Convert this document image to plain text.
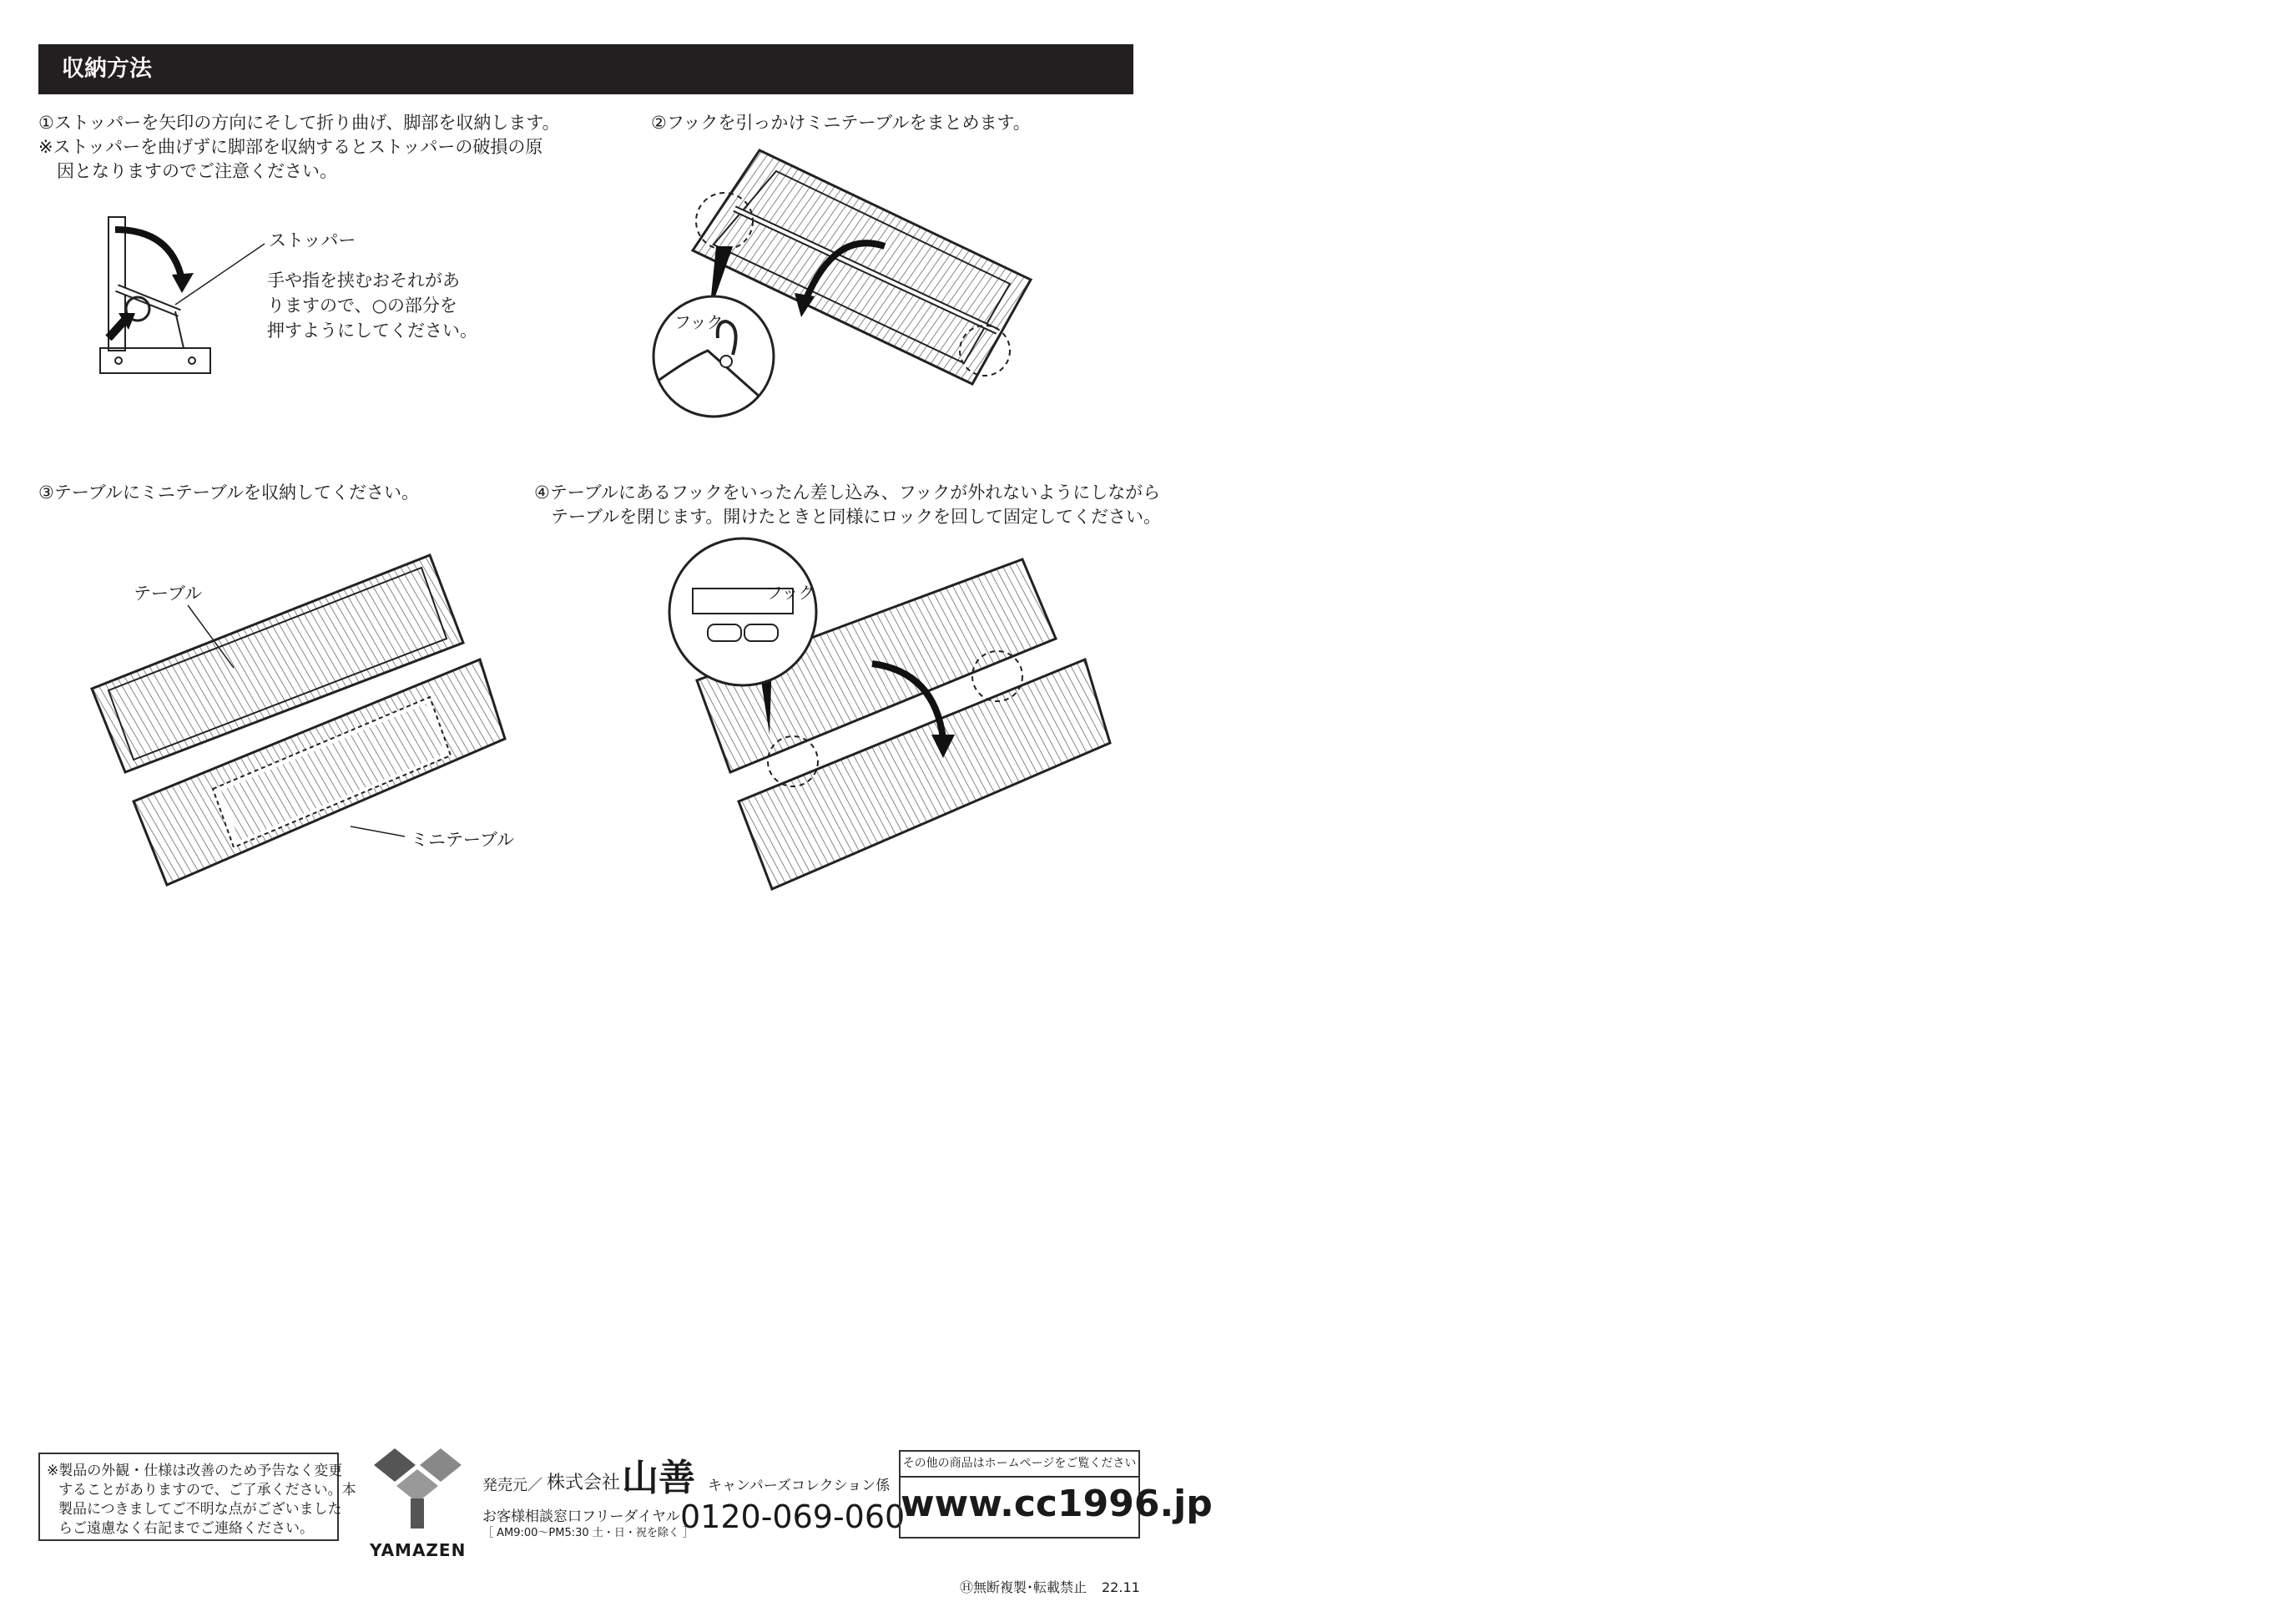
収納方法
①ストッパーを矢印の方向にそして折り曲げ、脚部を収納します。
※ストッパーを曲げずに脚部を収納するとストッパーの破損の原
因となりますのでご注意ください。
ストッパー
手や指を挟むおそれがあ
りますので、○の部分を
押すようにしてください。
②フックを引っかけミニテーブルをまとめます。
フック
③テーブルにミニテーブルを収納してください。
テーブル
ミニテーブル
④テーブルにあるフックをいったん差し込み、フックが外れないようにしながら
テーブルを閉じます。開けたときと同様にロックを回して固定してください。
フック
※製品の外観・仕様は改善のため予告なく変更
することがありますので、ご了承ください。本
製品につきましてご不明な点がございました
らご遠慮なく右記までご連絡ください。
YAMAZEN
発売元／ 株式会社 山善 キャンパーズコレクション係
お客様相談窓口フリーダイヤル
［ AM9:00～PM5:30 土・日・祝を除く ］
0120-069-060
その他の商品はホームページをご覧ください
www.cc1996.jp
Ⓗ無断複製･転載禁止 22.11
